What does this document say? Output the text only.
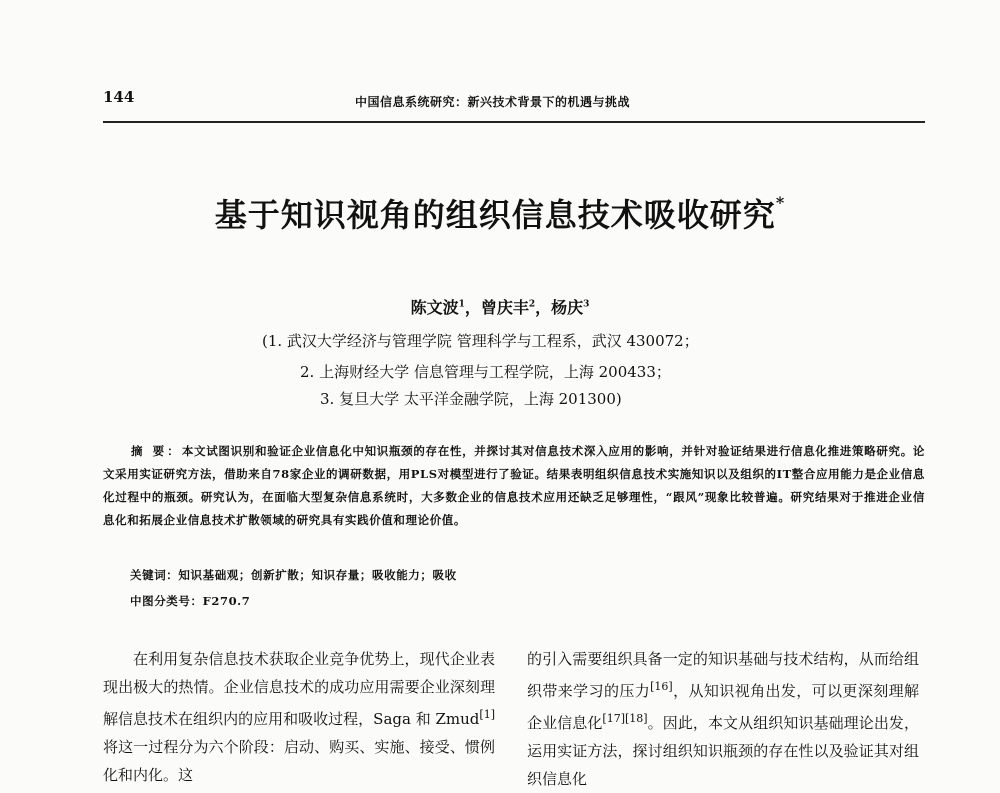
144	中国信息系统研究：新兴技术背景下的机遇与挑战
基于知识视角的组织信息技术吸收研究*
陈文波$^1$，曾庆丰$^2$，杨庆$^3$
(1. 武汉大学经济与管理学院 管理科学与工程系，武汉 430072；
2. 上海财经大学 信息管理与工程学院，上海 200433；
3. 复旦大学 太平洋金融学院，上海 201300)
摘 要：本文试图识别和验证企业信息化中知识瓶颈的存在性，并探讨其对信息技术深入应用的影响，并针对验证结果进行信息化推进策略研究。论文采用实证研究方法，借助来自78家企业的调研数据，用PLS对模型进行了验证。结果表明组织信息技术实施知识以及组织的IT整合应用能力是企业信息化过程中的瓶颈。研究认为，在面临大型复杂信息系统时，大多数企业的信息技术应用还缺乏足够理性，“跟风”现象比较普遍。研究结果对于推进企业信息化和拓展企业信息技术扩散领域的研究具有实践价值和理论价值。
关键词：知识基础观；创新扩散；知识存量；吸收能力；吸收
中图分类号：F270.7
在利用复杂信息技术获取企业竞争优势上，现代企业表现出极大的热情。企业信息技术的成功应用需要企业深刻理解信息技术在组织内的应用和吸收过程，Saga 和 Zmud[1]将这一过程分为六个阶段：启动、购买、实施、接受、惯例化和内化。这
的引入需要组织具备一定的知识基础与技术结构，从而给组织带来学习的压力[16]，从知识视角出发，可以更深刻理解企业信息化[17][18]。因此，本文从组织知识基础理论出发，运用实证方法，探讨组织知识瓶颈的存在性以及验证其对组织信息化
